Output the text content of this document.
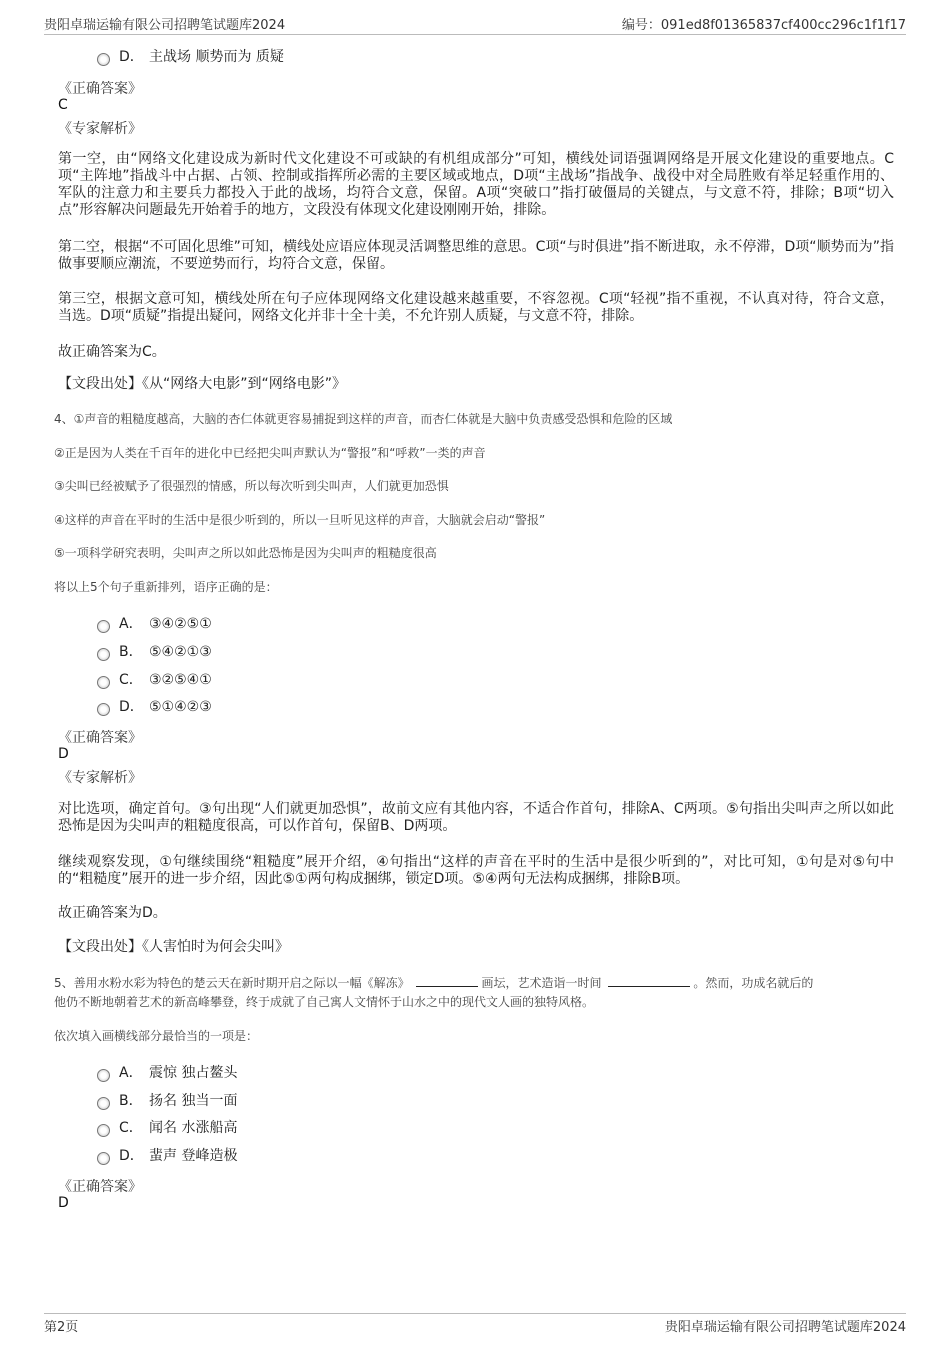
贵阳卓瑞运输有限公司招聘笔试题库2024	编号：091ed8f01365837cf400cc296c1f1f17
D． 主战场 顺势而为 质疑
《正确答案》
C
《专家解析》
第一空，由“网络文化建设成为新时代文化建设不可或缺的有机组成部分”可知，横线处词语强调网络是开展文化建设的重要地点。C项“主阵地”指战斗中占据、占领、控制或指挥所必需的主要区域或地点，D项“主战场”指战争、战役中对全局胜败有举足轻重作用的、军队的注意力和主要兵力都投入于此的战场，均符合文意，保留。A项“突破口”指打破僵局的关键点，与文意不符，排除；B项“切入点”形容解决问题最先开始着手的地方，文段没有体现文化建设刚刚开始，排除。
第二空，根据“不可固化思维”可知，横线处应语应体现灵活调整思维的意思。C项“与时俱进”指不断进取，永不停滞，D项“顺势而为”指做事要顺应潮流，不要逆势而行，均符合文意，保留。
第三空，根据文意可知，横线处所在句子应体现网络文化建设越来越重要，不容忽视。C项“轻视”指不重视，不认真对待，符合文意，当选。D项“质疑”指提出疑问，网络文化并非十全十美，不允许别人质疑，与文意不符，排除。
故正确答案为C。
【文段出处】《从“网络大电影”到“网络电影”》
4、①声音的粗糙度越高，大脑的杏仁体就更容易捕捉到这样的声音，而杏仁体就是大脑中负责感受恐惧和危险的区域
②正是因为人类在千百年的进化中已经把尖叫声默认为“警报”和“呼救”一类的声音
③尖叫已经被赋予了很强烈的情感，所以每次听到尖叫声，人们就更加恐惧
④这样的声音在平时的生活中是很少听到的，所以一旦听见这样的声音，大脑就会启动“警报”
⑤一项科学研究表明，尖叫声之所以如此恐怖是因为尖叫声的粗糙度很高
将以上5个句子重新排列，语序正确的是：
A． ③④②⑤①
B． ⑤④②①③
C． ③②⑤④①
D． ⑤①④②③
《正确答案》
D
《专家解析》
对比选项，确定首句。③句出现“人们就更加恐惧”，故前文应有其他内容，不适合作首句，排除A、C两项。⑤句指出尖叫声之所以如此恐怖是因为尖叫声的粗糙度很高，可以作首句，保留B、D两项。
继续观察发现，①句继续围绕“粗糙度”展开介绍，④句指出“这样的声音在平时的生活中是很少听到的”，对比可知，①句是对⑤句中的“粗糙度”展开的进一步介绍，因此⑤①两句构成捆绑，锁定D项。⑤④两句无法构成捆绑，排除B项。
故正确答案为D。
【文段出处】《人害怕时为何会尖叫》
5、善用水粉水彩为特色的楚云天在新时期开启之际以一幅《解冻》	画坛，艺术造诣一时间	。然而，功成名就后的
他仍不断地朝着艺术的新高峰攀登，终于成就了自己寓人文情怀于山水之中的现代文人画的独特风格。
依次填入画横线部分最恰当的一项是：
A． 震惊 独占鳌头
B． 扬名 独当一面
C． 闻名 水涨船高
D． 蜚声 登峰造极
《正确答案》
D
第2页	贵阳卓瑞运输有限公司招聘笔试题库2024
